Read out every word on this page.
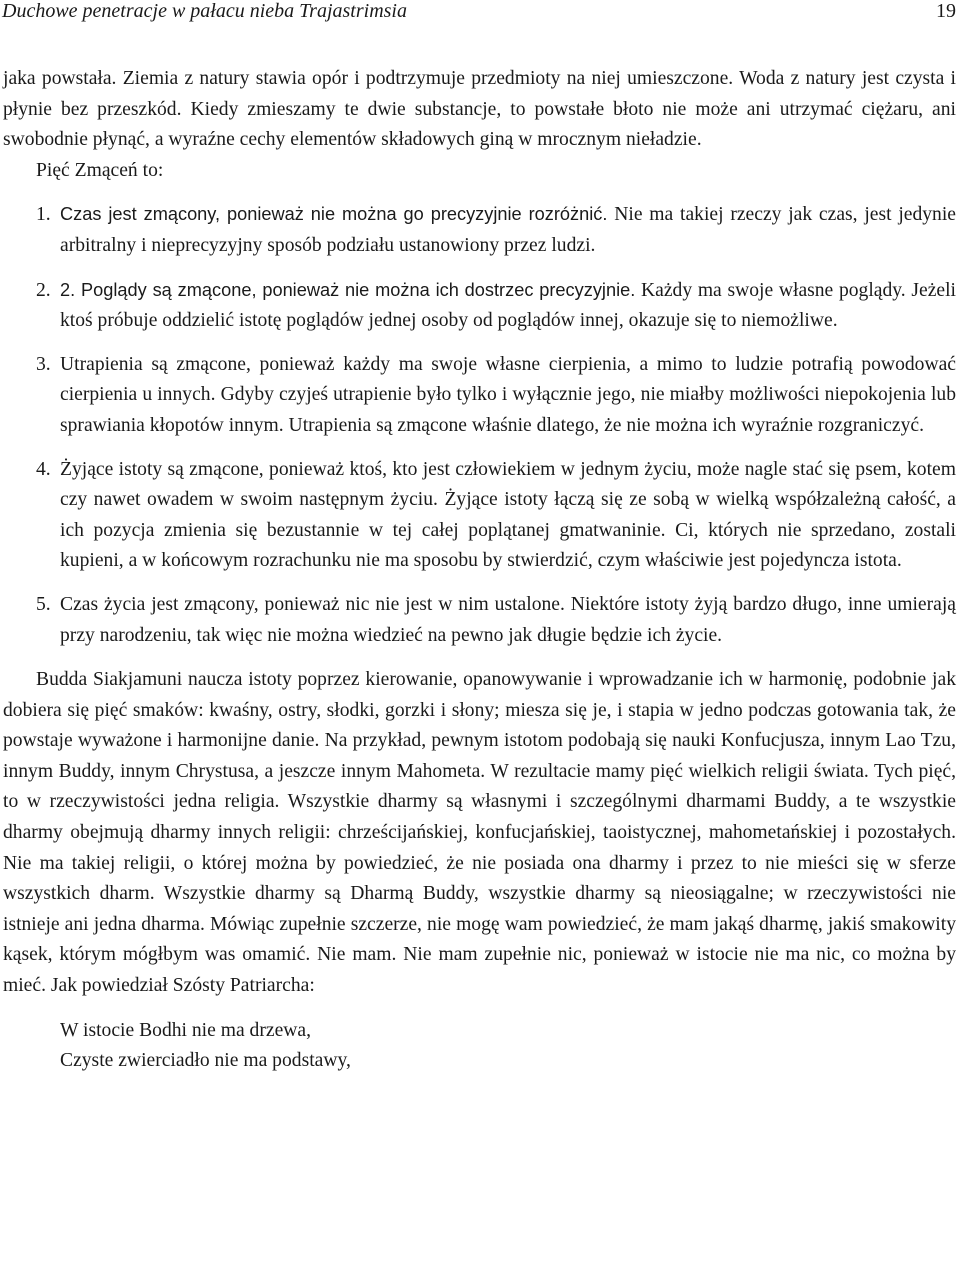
Duchowe penetracje w pałacu nieba Trajastrimsia	19

jaka powstała. Ziemia z natury stawia opór i podtrzymuje przedmioty na niej umieszczone. Woda z natury jest czysta i płynie bez przeszkód. Kiedy zmieszamy te dwie substancje, to powstałe błoto nie może ani utrzymać ciężaru, ani swobodnie płynąć, a wyraźne cechy elementów składowych giną w mrocznym nieładzie.

Pięć Zmąceń to:

1. Czas jest zmącony, ponieważ nie można go precyzyjnie rozróżnić. Nie ma takiej rzeczy jak czas, jest jedynie arbitralny i nieprecyzyjny sposób podziału ustanowiony przez ludzi.
2. 2. Poglądy są zmącone, ponieważ nie można ich dostrzec precyzyjnie. Każdy ma swoje własne poglądy. Jeżeli ktoś próbuje oddzielić istotę poglądów jednej osoby od poglądów innej, okazuje się to niemożliwe.
3. Utrapienia są zmącone, ponieważ każdy ma swoje własne cierpienia, a mimo to ludzie potrafią powodować cierpienia u innych. Gdyby czyjeś utrapienie było tylko i wyłącznie jego, nie miałby możliwości niepokojenia lub sprawiania kłopotów innym. Utrapienia są zmącone właśnie dlatego, że nie można ich wyraźnie rozgraniczyć.
4. Żyjące istoty są zmącone, ponieważ ktoś, kto jest człowiekiem w jednym życiu, może nagle stać się psem, kotem czy nawet owadem w swoim następnym życiu. Żyjące istoty łączą się ze sobą w wielką współzależną całość, a ich pozycja zmienia się bezustannie w tej całej poplątanej gmatwaninie. Ci, których nie sprzedano, zostali kupieni, a w końcowym rozrachunku nie ma sposobu by stwierdzić, czym właściwie jest pojedyncza istota.
5. Czas życia jest zmącony, ponieważ nic nie jest w nim ustalone. Niektóre istoty żyją bardzo długo, inne umierają przy narodzeniu, tak więc nie można wiedzieć na pewno jak długie będzie ich życie.

Budda Siakjamuni naucza istoty poprzez kierowanie, opanowywanie i wprowadzanie ich w harmonię, podobnie jak dobiera się pięć smaków: kwaśny, ostry, słodki, gorzki i słony; miesza się je, i stapia w jedno podczas gotowania tak, że powstaje wyważone i harmonijne danie. Na przykład, pewnym istotom podobają się nauki Konfucjusza, innym Lao Tzu, innym Buddy, innym Chrystusa, a jeszcze innym Mahometa. W rezultacie mamy pięć wielkich religii świata. Tych pięć, to w rzeczywistości jedna religia. Wszystkie dharmy są własnymi i szczególnymi dharmami Buddy, a te wszystkie dharmy obejmują dharmy innych religii: chrześcijańskiej, konfucjańskiej, taoistycznej, mahometańskiej i pozostałych. Nie ma takiej religii, o której można by powiedzieć, że nie posiada ona dharmy i przez to nie mieści się w sferze wszystkich dharm. Wszystkie dharmy są Dharmą Buddy, wszystkie dharmy są nieosiągalne; w rzeczywistości nie istnieje ani jedna dharma. Mówiąc zupełnie szczerze, nie mogę wam powiedzieć, że mam jakąś dharmę, jakiś smakowity kąsek, którym mógłbym was omamić. Nie mam. Nie mam zupełnie nic, ponieważ w istocie nie ma nic, co można by mieć. Jak powiedział Szósty Patriarcha:

W istocie Bodhi nie ma drzewa,
Czyste zwierciadło nie ma podstawy,
